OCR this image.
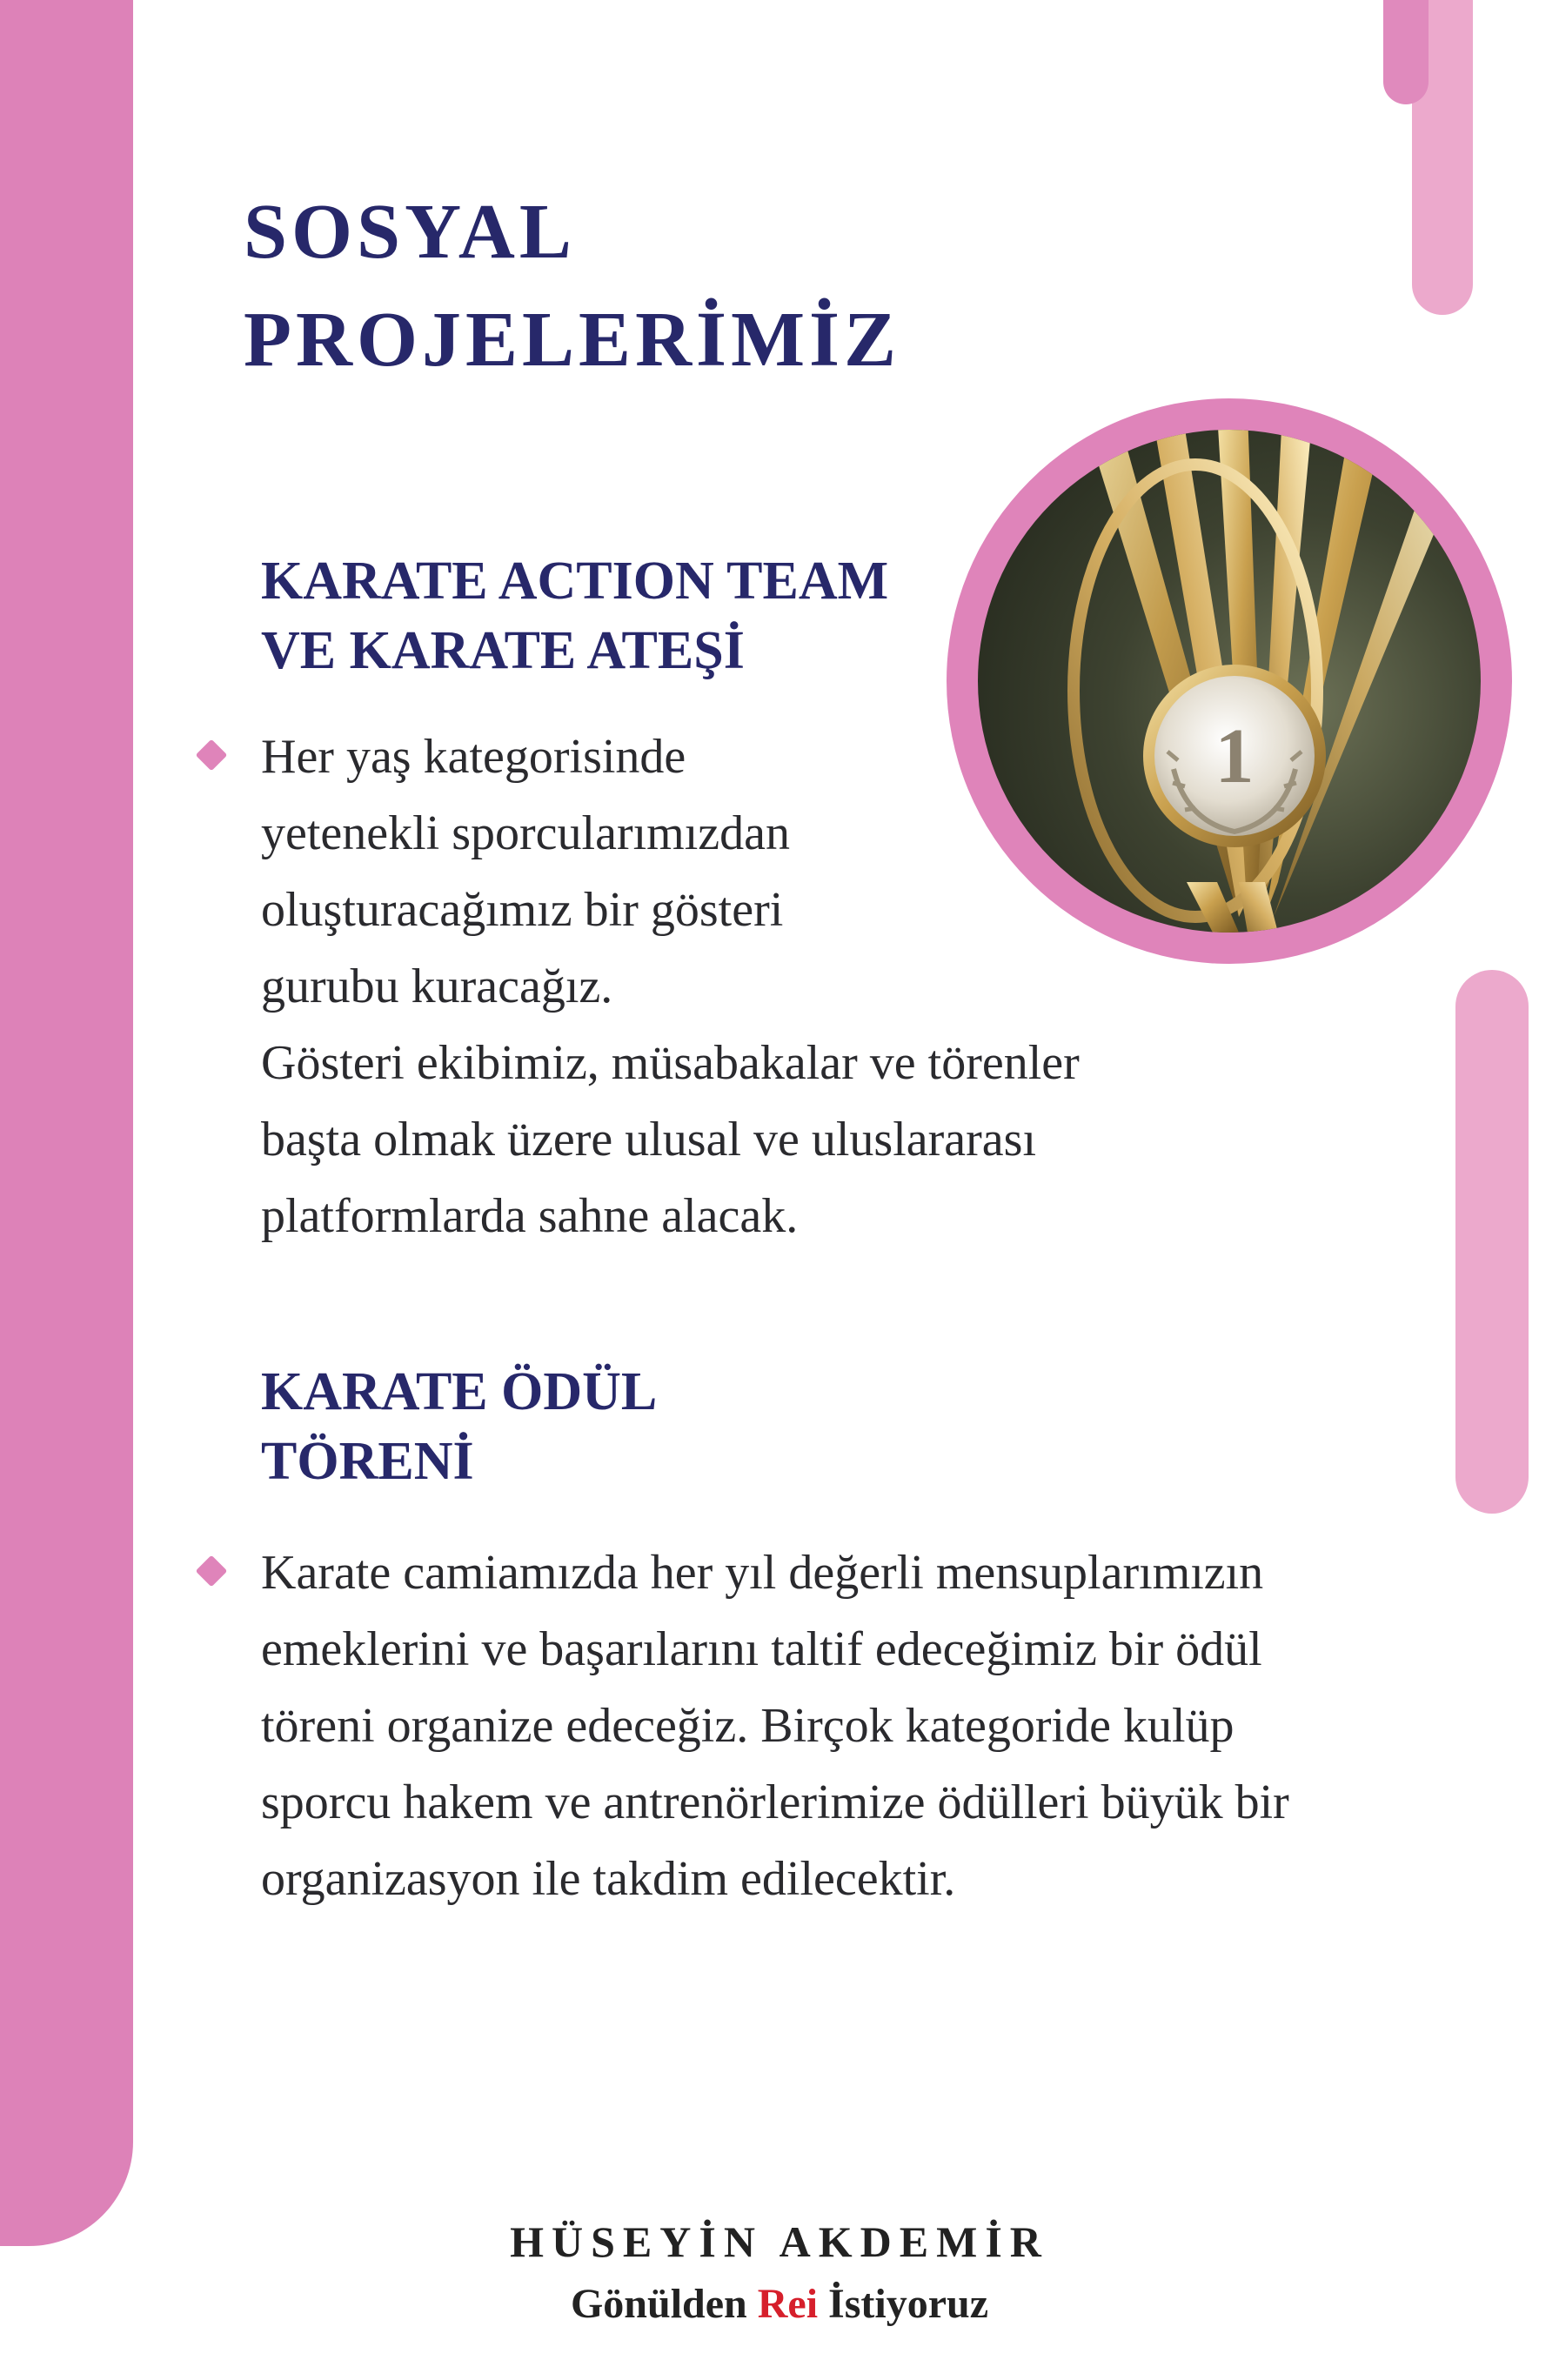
SOSYAL
PROJELERİMİZ
1
KARATE ACTION TEAM
VE KARATE ATEŞİ
Her yaş kategorisinde
yetenekli sporcularımızdan
oluşturacağımız bir gösteri
gurubu kuracağız.
Gösteri ekibimiz, müsabakalar ve törenler
başta olmak üzere ulusal ve uluslararası
platformlarda sahne alacak.
KARATE ÖDÜL
TÖRENİ
Karate camiamızda her yıl değerli mensuplarımızın
emeklerini ve başarılarını taltif edeceğimiz bir ödül
töreni organize edeceğiz. Birçok kategoride kulüp
sporcu hakem ve antrenörlerimize ödülleri büyük bir
organizasyon ile takdim edilecektir.

HÜSEYİN AKDEMİR

Gönülden Rei İstiyoruz
